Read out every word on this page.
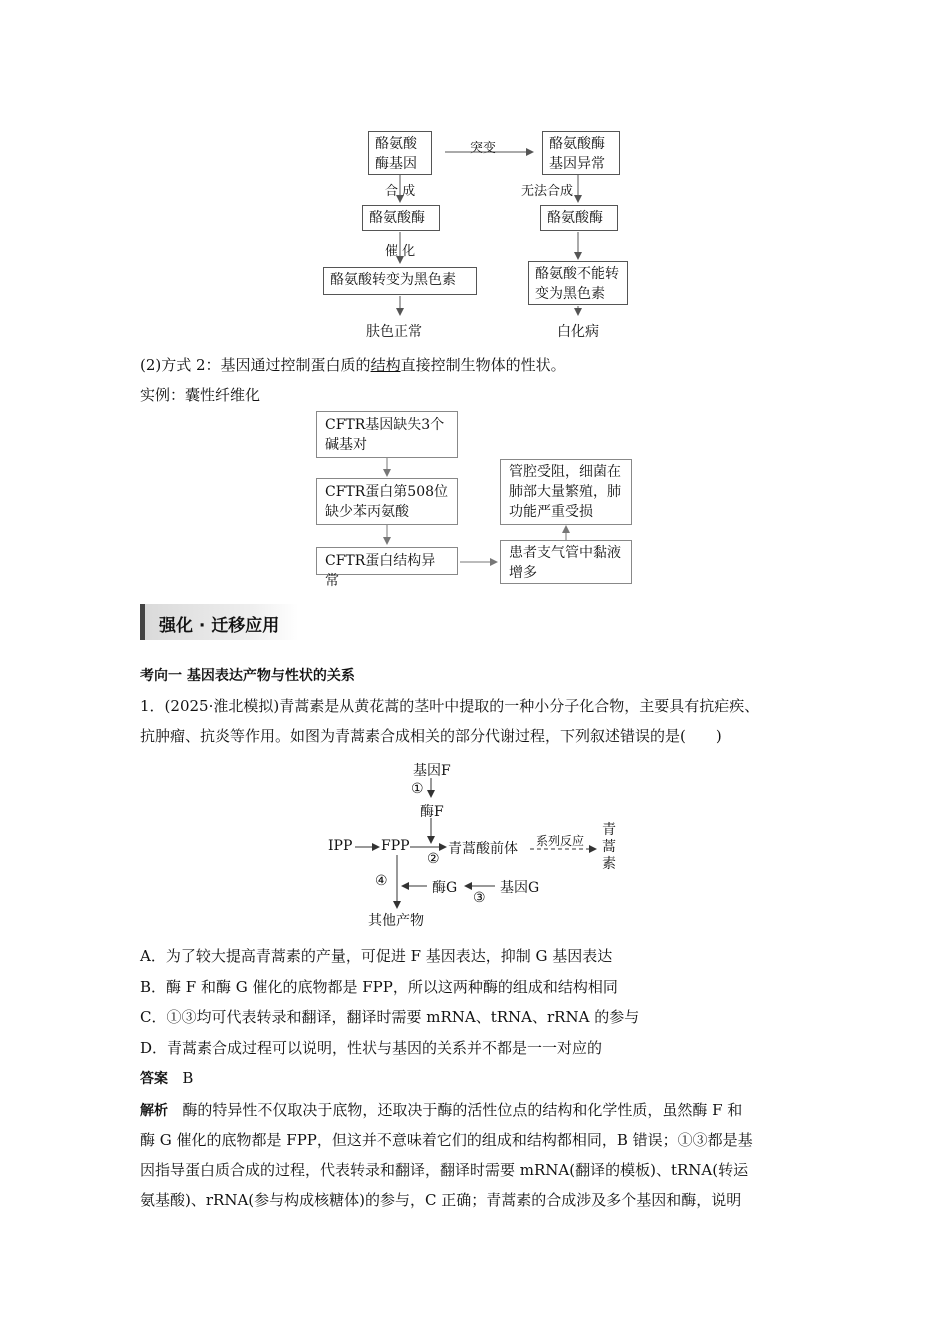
酪氨酸酶基因
突变	酪氨酸酶基因异常
合 成	无法合成
酪氨酸酶	酪氨酸酶
催 化
酪氨酸转变为黑色素	酪氨酸不能转变为黑色素
肤色正常	白化病
(2)方式 2：基因通过控制蛋白质的结构直接控制生物体的性状。
实例：囊性纤维化
CFTR基因缺失3个碱基对
CFTR蛋白第508位缺少苯丙氨酸
CFTR蛋白结构异常
患者支气管中黏液增多
管腔受阻，细菌在肺部大量繁殖，肺功能严重受损
强化 · 迁移应用
考向一 基因表达产物与性状的关系
1．(2025·淮北模拟)青蒿素是从黄花蒿的茎叶中提取的一种小分子化合物，主要具有抗疟疾、
抗肿瘤、抗炎等作用。如图为青蒿素合成相关的部分代谢过程，下列叙述错误的是(　　)
基因F
①
酶F
IPP FPP
②
青蒿酸前体 系列反应
青蒿素
④	酶G	基因G
③
其他产物
A．为了较大提高青蒿素的产量，可促进 F 基因表达，抑制 G 基因表达
B．酶 F 和酶 G 催化的底物都是 FPP，所以这两种酶的组成和结构相同
C．①③均可代表转录和翻译，翻译时需要 mRNA、tRNA、rRNA 的参与
D．青蒿素合成过程可以说明，性状与基因的关系并不都是一一对应的
答案 B
解析 酶的特异性不仅取决于底物，还取决于酶的活性位点的结构和化学性质，虽然酶 F 和
酶 G 催化的底物都是 FPP，但这并不意味着它们的组成和结构都相同，B 错误；①③都是基
因指导蛋白质合成的过程，代表转录和翻译，翻译时需要 mRNA(翻译的模板)、tRNA(转运
氨基酸)、rRNA(参与构成核糖体)的参与，C 正确；青蒿素的合成涉及多个基因和酶，说明
